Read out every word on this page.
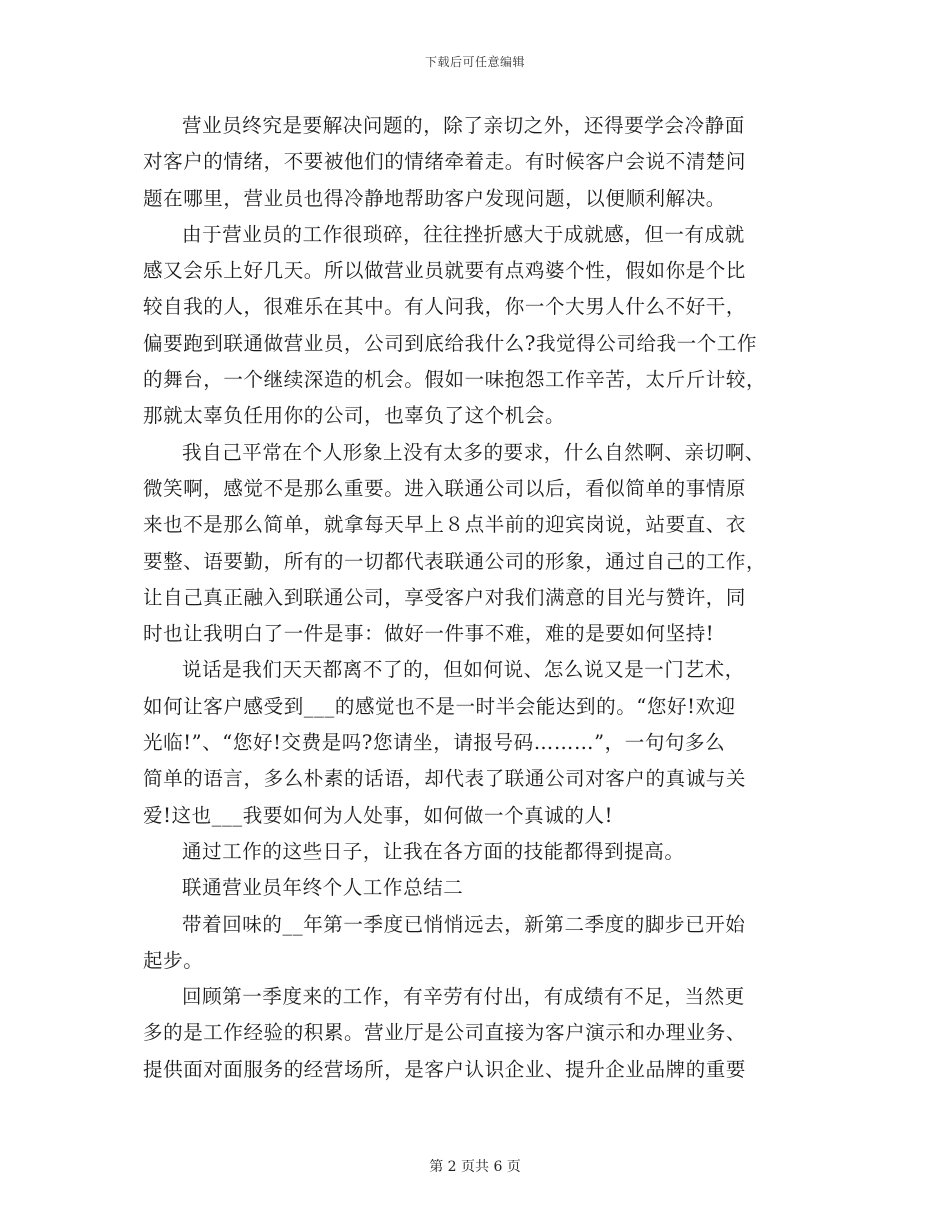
下载后可任意编辑

营业员终究是要解决问题的，除了亲切之外，还得要学会冷静面
对客户的情绪，不要被他们的情绪牵着走。有时候客户会说不清楚问
题在哪里，营业员也得冷静地帮助客户发现问题，以便顺利解决。

由于营业员的工作很琐碎，往往挫折感大于成就感，但一有成就
感又会乐上好几天。所以做营业员就要有点鸡婆个性，假如你是个比
较自我的人，很难乐在其中。有人问我，你一个大男人什么不好干，
偏要跑到联通做营业员，公司到底给我什么?我觉得公司给我一个工作
的舞台，一个继续深造的机会。假如一味抱怨工作辛苦，太斤斤计较，
那就太辜负任用你的公司，也辜负了这个机会。

我自己平常在个人形象上没有太多的要求，什么自然啊、亲切啊、
微笑啊，感觉不是那么重要。进入联通公司以后，看似简单的事情原
来也不是那么简单，就拿每天早上８点半前的迎宾岗说，站要直、衣
要整、语要勤，所有的一切都代表联通公司的形象，通过自己的工作，
让自己真正融入到联通公司，享受客户对我们满意的目光与赞许，同
时也让我明白了一件是事：做好一件事不难，难的是要如何坚持!

说话是我们天天都离不了的，但如何说、怎么说又是一门艺术，
如何让客户感受到___的感觉也不是一时半会能达到的。“您好!欢迎
光临!”、“您好!交费是吗?您请坐，请报号码………”，一句句多么
简单的语言，多么朴素的话语，却代表了联通公司对客户的真诚与关
爱!这也___我要如何为人处事，如何做一个真诚的人!

通过工作的这些日子，让我在各方面的技能都得到提高。

联通营业员年终个人工作总结二

带着回味的__年第一季度已悄悄远去，新第二季度的脚步已开始
起步。

回顾第一季度来的工作，有辛劳有付出，有成绩有不足，当然更
多的是工作经验的积累。营业厅是公司直接为客户演示和办理业务、
提供面对面服务的经营场所，是客户认识企业、提升企业品牌的重要

第 2 页共 6 页
